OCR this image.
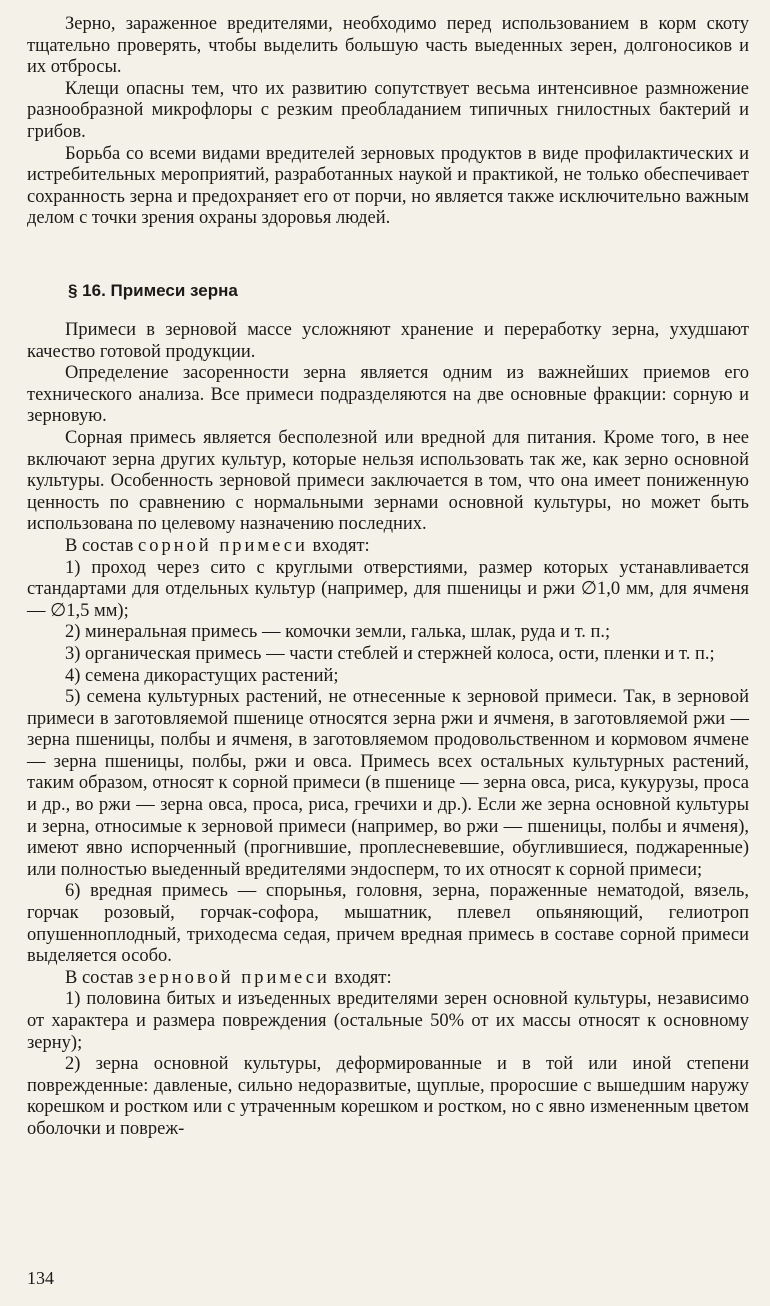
Зерно, зараженное вредителями, необходимо перед использованием в корм скоту тщательно проверять, чтобы выделить большую часть выеденных зерен, долгоносиков и их отбросы.

Клещи опасны тем, что их развитию сопутствует весьма интенсивное размножение разнообразной микрофлоры с резким преобладанием типичных гнилостных бактерий и грибов.

Борьба со всеми видами вредителей зерновых продуктов в виде профилактических и истребительных мероприятий, разработанных наукой и практикой, не только обеспечивает сохранность зерна и предохраняет его от порчи, но является также исключительно важным делом с точки зрения охраны здоровья людей.

§ 16. Примеси зерна

Примеси в зерновой массе усложняют хранение и переработку зерна, ухудшают качество готовой продукции.

Определение засоренности зерна является одним из важнейших приемов его технического анализа. Все примеси подразделяются на две основные фракции: сорную и зерновую.

Сорная примесь является бесполезной или вредной для питания. Кроме того, в нее включают зерна других культур, которые нельзя использовать так же, как зерно основной культуры. Особенность зерновой примеси заключается в том, что она имеет пониженную ценность по сравнению с нормальными зернами основной культуры, но может быть использована по целевому назначению последних.

В состав сорной примеси входят:

1) проход через сито с круглыми отверстиями, размер которых устанавливается стандартами для отдельных культур (например, для пшеницы и ржи ∅1,0 мм, для ячменя — ∅1,5 мм);

2) минеральная примесь — комочки земли, галька, шлак, руда и т. п.;

3) органическая примесь — части стеблей и стержней колоса, ости, пленки и т. п.;

4) семена дикорастущих растений;

5) семена культурных растений, не отнесенные к зерновой примеси. Так, в зерновой примеси в заготовляемой пшенице относятся зерна ржи и ячменя, в заготовляемой ржи — зерна пшеницы, полбы и ячменя, в заготовляемом продовольственном и кормовом ячмене — зерна пшеницы, полбы, ржи и овса. Примесь всех остальных культурных растений, таким образом, относят к сорной примеси (в пшенице — зерна овса, риса, кукурузы, проса и др., во ржи — зерна овса, проса, риса, гречихи и др.). Если же зерна основной культуры и зерна, относимые к зерновой примеси (например, во ржи — пшеницы, полбы и ячменя), имеют явно испорченный (прогнившие, проплесневевшие, обуглившиеся, поджаренные) или полностью выеденный вредителями эндосперм, то их относят к сорной примеси;

6) вредная примесь — спорынья, головня, зерна, пораженные нематодой, вязель, горчак розовый, горчак-софора, мышатник, плевел опьяняющий, гелиотроп опушенноплодный, триходесма седая, причем вредная примесь в составе сорной примеси выделяется особо.

В состав зерновой примеси входят:

1) половина битых и изъеденных вредителями зерен основной культуры, независимо от характера и размера повреждения (остальные 50% от их массы относят к основному зерну);

2) зерна основной культуры, деформированные и в той или иной степени поврежденные: давленые, сильно недоразвитые, щуплые, проросшие с вышедшим наружу корешком и ростком или с утраченным корешком и ростком, но с явно измененным цветом оболочки и повреж-

134
